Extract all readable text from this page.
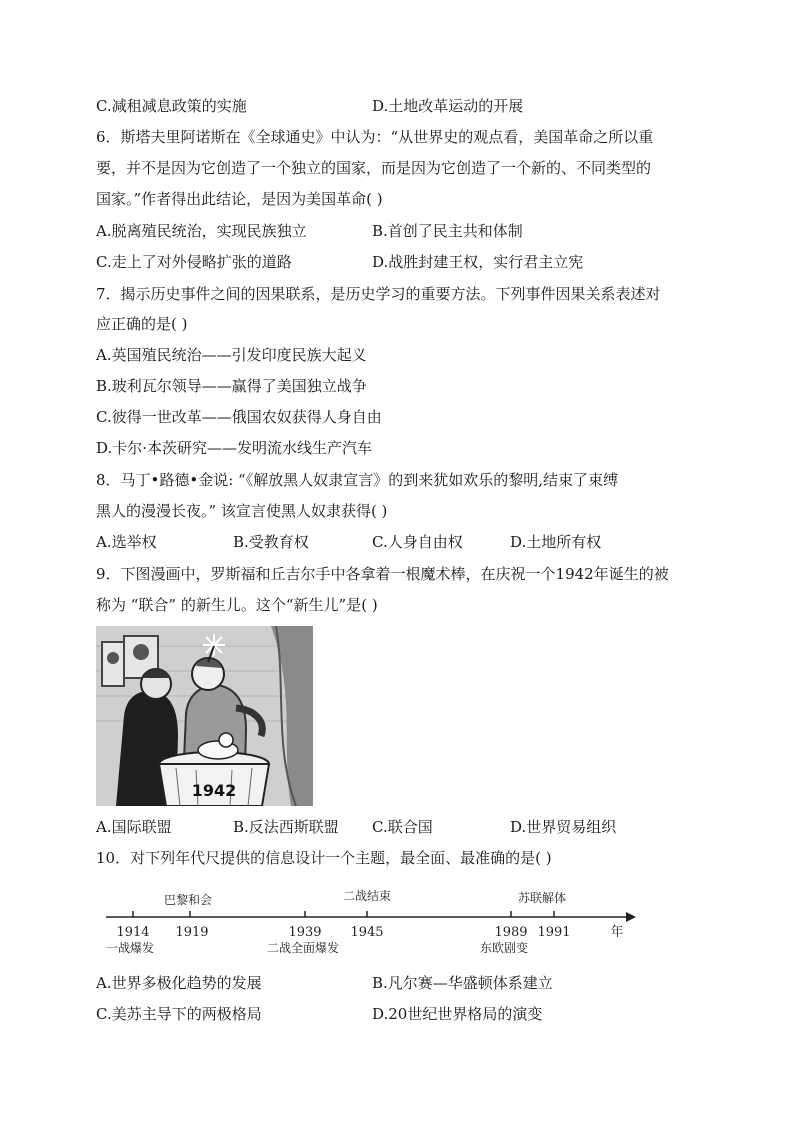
C.减租减息政策的实施	D.土地改革运动的开展
6．斯塔夫里阿诺斯在《全球通史》中认为：“从世界史的观点看，美国革命之所以重
要，并不是因为它创造了一个独立的国家，而是因为它创造了一个新的、不同类型的
国家。”作者得出此结论，是因为美国革命( )
A.脱离殖民统治，实现民族独立	B.首创了民主共和体制
C.走上了对外侵略扩张的道路	D.战胜封建王权，实行君主立宪
7．揭示历史事件之间的因果联系，是历史学习的重要方法。下列事件因果关系表述对
应正确的是( )
A.英国殖民统治——引发印度民族大起义
B.玻利瓦尔领导——赢得了美国独立战争
C.彼得一世改革——俄国农奴获得人身自由
D.卡尔·本茨研究——发明流水线生产汽车
8．马丁•路德•金说: “《解放黑人奴隶宣言》的到来犹如欢乐的黎明,结束了束缚
黑人的漫漫长夜。” 该宣言使黑人奴隶获得( )
A.选举权	B.受教育权	C.人身自由权	D.土地所有权
9．下图漫画中，罗斯福和丘吉尔手中各拿着一根魔术棒，在庆祝一个1942年诞生的被
称为 “联合” 的新生儿。这个“新生儿”是( )
1942
A.国际联盟	B.反法西斯联盟 C.联合国	D.世界贸易组织
10．对下列年代尺提供的信息设计一个主题，最全面、最准确的是( )
巴黎和会	二战结束	苏联解体
1914 1919	1939 1945	1989 1991	年
一战爆发	二战全面爆发	东欧剧变
A.世界多极化趋势的发展	B.凡尔赛—华盛顿体系建立
C.美苏主导下的两极格局	D.20世纪世界格局的演变
